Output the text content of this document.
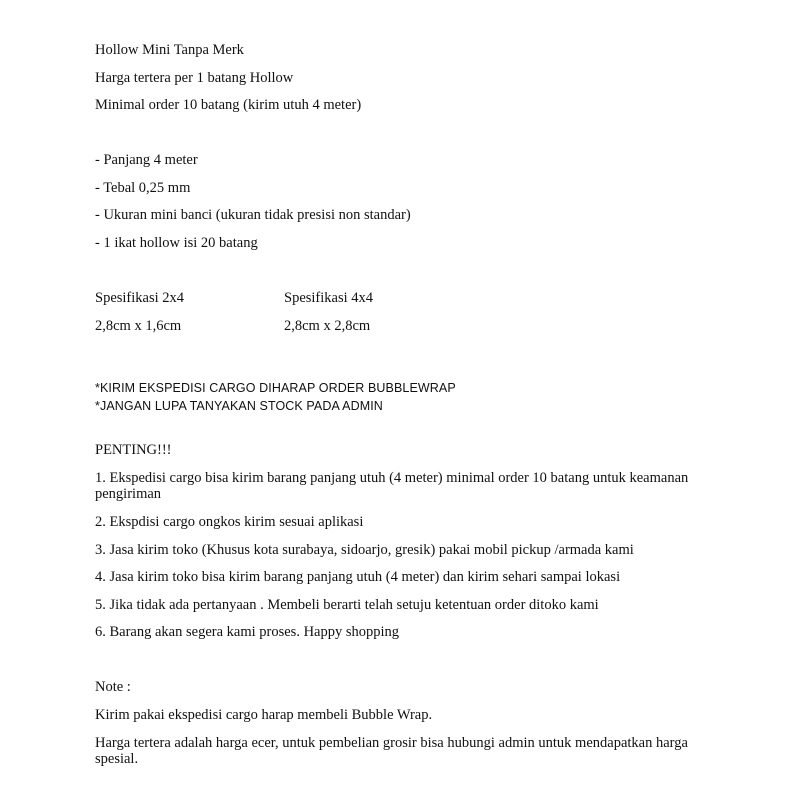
Hollow Mini Tanpa Merk
Harga tertera per 1 batang Hollow
Minimal order 10 batang (kirim utuh 4 meter)
- Panjang 4 meter
- Tebal 0,25 mm
- Ukuran mini banci (ukuran tidak presisi non standar)
- 1 ikat hollow isi 20 batang
Spesifikasi 2x4	Spesifikasi 4x4
2,8cm x 1,6cm	2,8cm x 2,8cm
*KIRIM EKSPEDISI CARGO DIHARAP ORDER BUBBLEWRAP
*JANGAN LUPA TANYAKAN STOCK PADA ADMIN
PENTING!!!
1. Ekspedisi cargo bisa kirim barang panjang utuh (4 meter) minimal order 10 batang untuk keamanan pengiriman
2. Ekspdisi cargo ongkos kirim sesuai aplikasi
3. Jasa kirim toko (Khusus kota surabaya, sidoarjo, gresik) pakai mobil pickup /armada kami
4. Jasa kirim toko bisa kirim barang panjang utuh (4 meter) dan kirim sehari sampai lokasi
5. Jika tidak ada pertanyaan . Membeli berarti telah setuju ketentuan order ditoko kami
6. Barang akan segera kami proses. Happy shopping
Note :
Kirim pakai ekspedisi cargo harap membeli Bubble Wrap.
Harga tertera adalah harga ecer, untuk pembelian grosir bisa hubungi admin untuk mendapatkan harga spesial.
